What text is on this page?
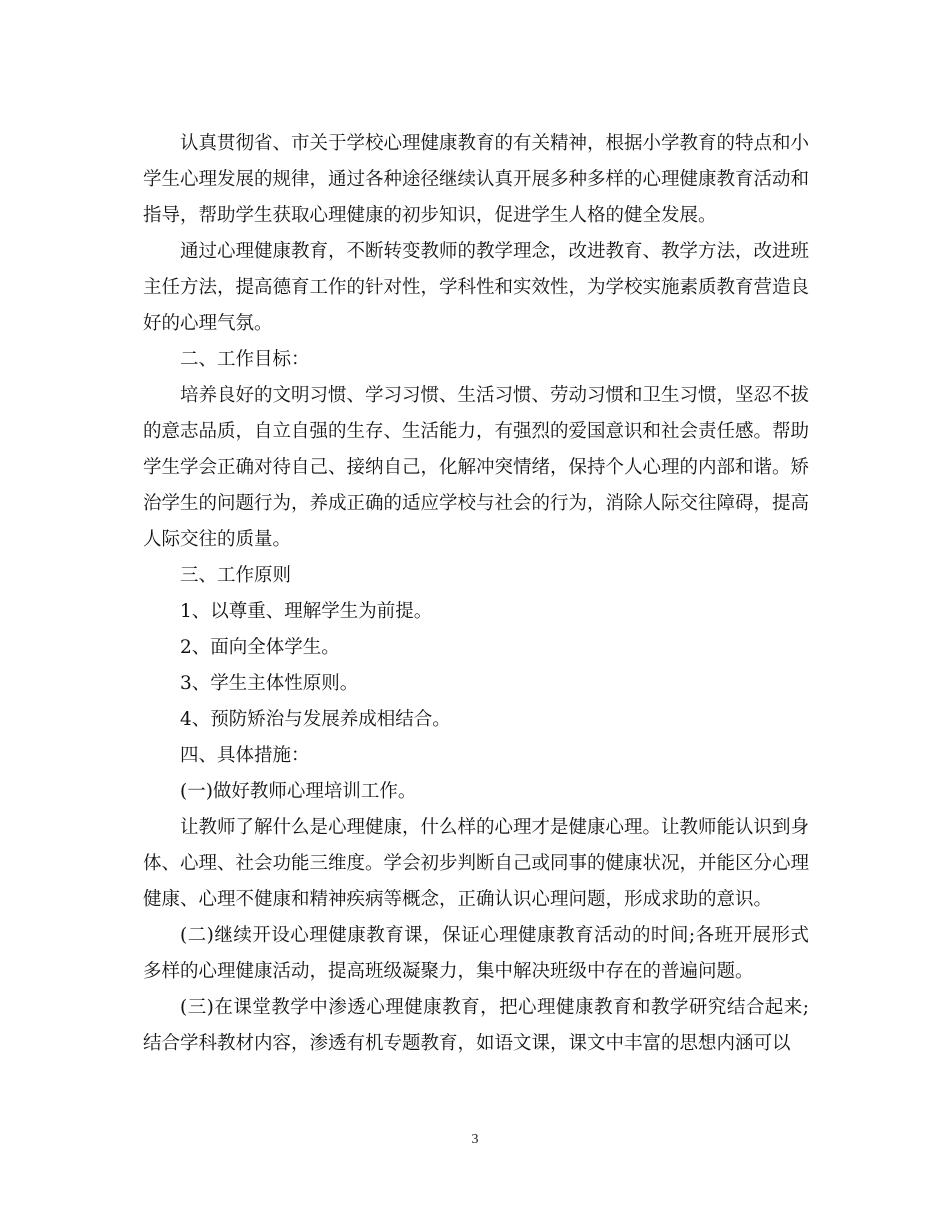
认真贯彻省、市关于学校心理健康教育的有关精神，根据小学教育的特点和小学生心理发展的规律，通过各种途径继续认真开展多种多样的心理健康教育活动和指导，帮助学生获取心理健康的初步知识，促进学生人格的健全发展。

通过心理健康教育，不断转变教师的教学理念，改进教育、教学方法，改进班主任方法，提高德育工作的针对性，学科性和实效性，为学校实施素质教育营造良好的心理气氛。

二、工作目标：

培养良好的文明习惯、学习习惯、生活习惯、劳动习惯和卫生习惯，坚忍不拔的意志品质，自立自强的生存、生活能力，有强烈的爱国意识和社会责任感。帮助学生学会正确对待自己、接纳自己，化解冲突情绪，保持个人心理的内部和谐。矫治学生的问题行为，养成正确的适应学校与社会的行为，消除人际交往障碍，提高人际交往的质量。

三、工作原则

1、以尊重、理解学生为前提。

2、面向全体学生。

3、学生主体性原则。

4、预防矫治与发展养成相结合。

四、具体措施：

(一)做好教师心理培训工作。

让教师了解什么是心理健康，什么样的心理才是健康心理。让教师能认识到身体、心理、社会功能三维度。学会初步判断自己或同事的健康状况，并能区分心理健康、心理不健康和精神疾病等概念，正确认识心理问题，形成求助的意识。

(二)继续开设心理健康教育课，保证心理健康教育活动的时间;各班开展形式多样的心理健康活动，提高班级凝聚力，集中解决班级中存在的普遍问题。

(三)在课堂教学中渗透心理健康教育，把心理健康教育和教学研究结合起来;结合学科教材内容，渗透有机专题教育，如语文课，课文中丰富的思想内涵可以

3
